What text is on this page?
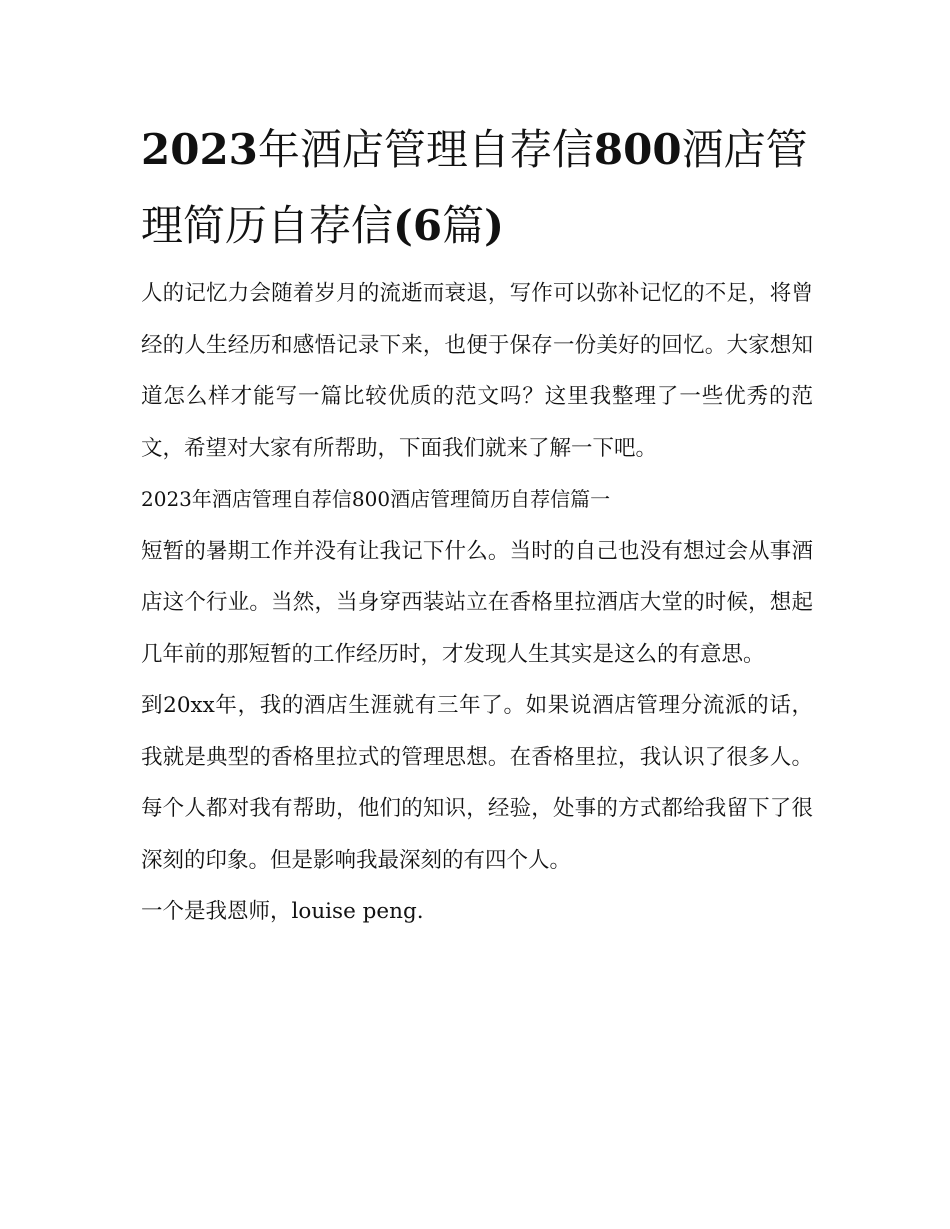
2023年酒店管理自荐信800酒店管理简历自荐信(6篇)

人的记忆力会随着岁月的流逝而衰退，写作可以弥补记忆的不足，将曾经的人生经历和感悟记录下来，也便于保存一份美好的回忆。大家想知道怎么样才能写一篇比较优质的范文吗？这里我整理了一些优秀的范文，希望对大家有所帮助，下面我们就来了解一下吧。

2023年酒店管理自荐信800酒店管理简历自荐信篇一

短暂的暑期工作并没有让我记下什么。当时的自己也没有想过会从事酒店这个行业。当然，当身穿西装站立在香格里拉酒店大堂的时候，想起几年前的那短暂的工作经历时，才发现人生其实是这么的有意思。

到20xx年，我的酒店生涯就有三年了。如果说酒店管理分流派的话，我就是典型的香格里拉式的管理思想。在香格里拉，我认识了很多人。每个人都对我有帮助，他们的知识，经验，处事的方式都给我留下了很深刻的印象。但是影响我最深刻的有四个人。

一个是我恩师，louise peng.
